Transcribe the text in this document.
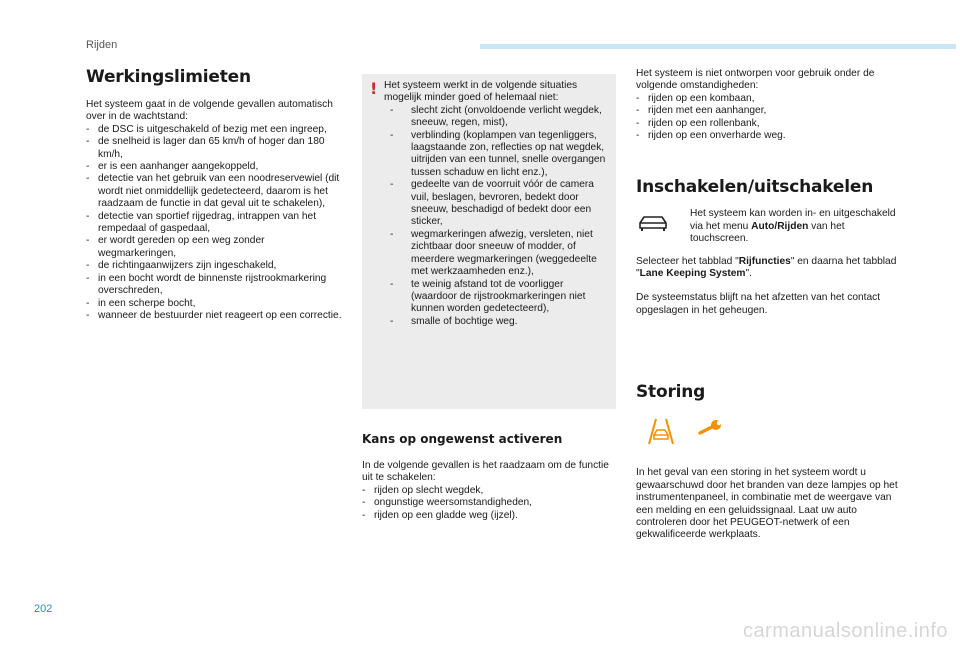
Rijden
Werkingslimieten

Het systeem gaat in de volgende gevallen automatisch over in de wachtstand:

- de DSC is uitgeschakeld of bezig met een ingreep,
- de snelheid is lager dan 65 km/h of hoger dan 180 km/h,
- er is een aanhanger aangekoppeld,
- detectie van het gebruik van een noodreservewiel (dit wordt niet onmiddellijk gedetecteerd, daarom is het raadzaam de functie in dat geval uit te schakelen),
- detectie van sportief rijgedrag, intrappen van het rempedaal of gaspedaal,
- er wordt gereden op een weg zonder wegmarkeringen,
- de richtingaanwijzers zijn ingeschakeld,
- in een bocht wordt de binnenste rijstrookmarkering overschreden,
- in een scherpe bocht,
- wanneer de bestuurder niet reageert op een correctie.
! Het systeem werkt in de volgende situaties mogelijk minder goed of helemaal niet:

- slecht zicht (onvoldoende verlicht wegdek, sneeuw, regen, mist),
- verblinding (koplampen van tegenliggers, laagstaande zon, reflecties op nat wegdek, uitrijden van een tunnel, snelle overgangen tussen schaduw en licht enz.),
- gedeelte van de voorruit vóór de camera vuil, beslagen, bevroren, bedekt door sneeuw, beschadigd of bedekt door een sticker,
- wegmarkeringen afwezig, versleten, niet zichtbaar door sneeuw of modder, of meerdere wegmarkeringen (weggedeelte met werkzaamheden enz.),
- te weinig afstand tot de voorligger (waardoor de rijstrookmarkeringen niet kunnen worden gedetecteerd),
- smalle of bochtige weg.
Kans op ongewenst activeren

In de volgende gevallen is het raadzaam om de functie uit te schakelen:

- rijden op slecht wegdek,
- ongunstige weersomstandigheden,
- rijden op een gladde weg (ijzel).

Het systeem is niet ontworpen voor gebruik onder de volgende omstandigheden:

- rijden op een kombaan,
- rijden met een aanhanger,
- rijden op een rollenbank,
- rijden op een onverharde weg.
Inschakelen/uitschakelen

Het systeem kan worden in- en uitgeschakeld via het menu Auto/Rijden van het touchscreen.

Selecteer het tabblad "Rijfuncties" en daarna het tabblad "Lane Keeping System".

De systeemstatus blijft na het afzetten van het contact opgeslagen in het geheugen.

Storing

In het geval van een storing in het systeem wordt u gewaarschuwd door het branden van deze lampjes op het instrumentenpaneel, in combinatie met de weergave van een melding en een geluidssignaal. Laat uw auto controleren door het PEUGEOT-netwerk of een gekwalificeerde werkplaats.

202
carmanualsonline.info
